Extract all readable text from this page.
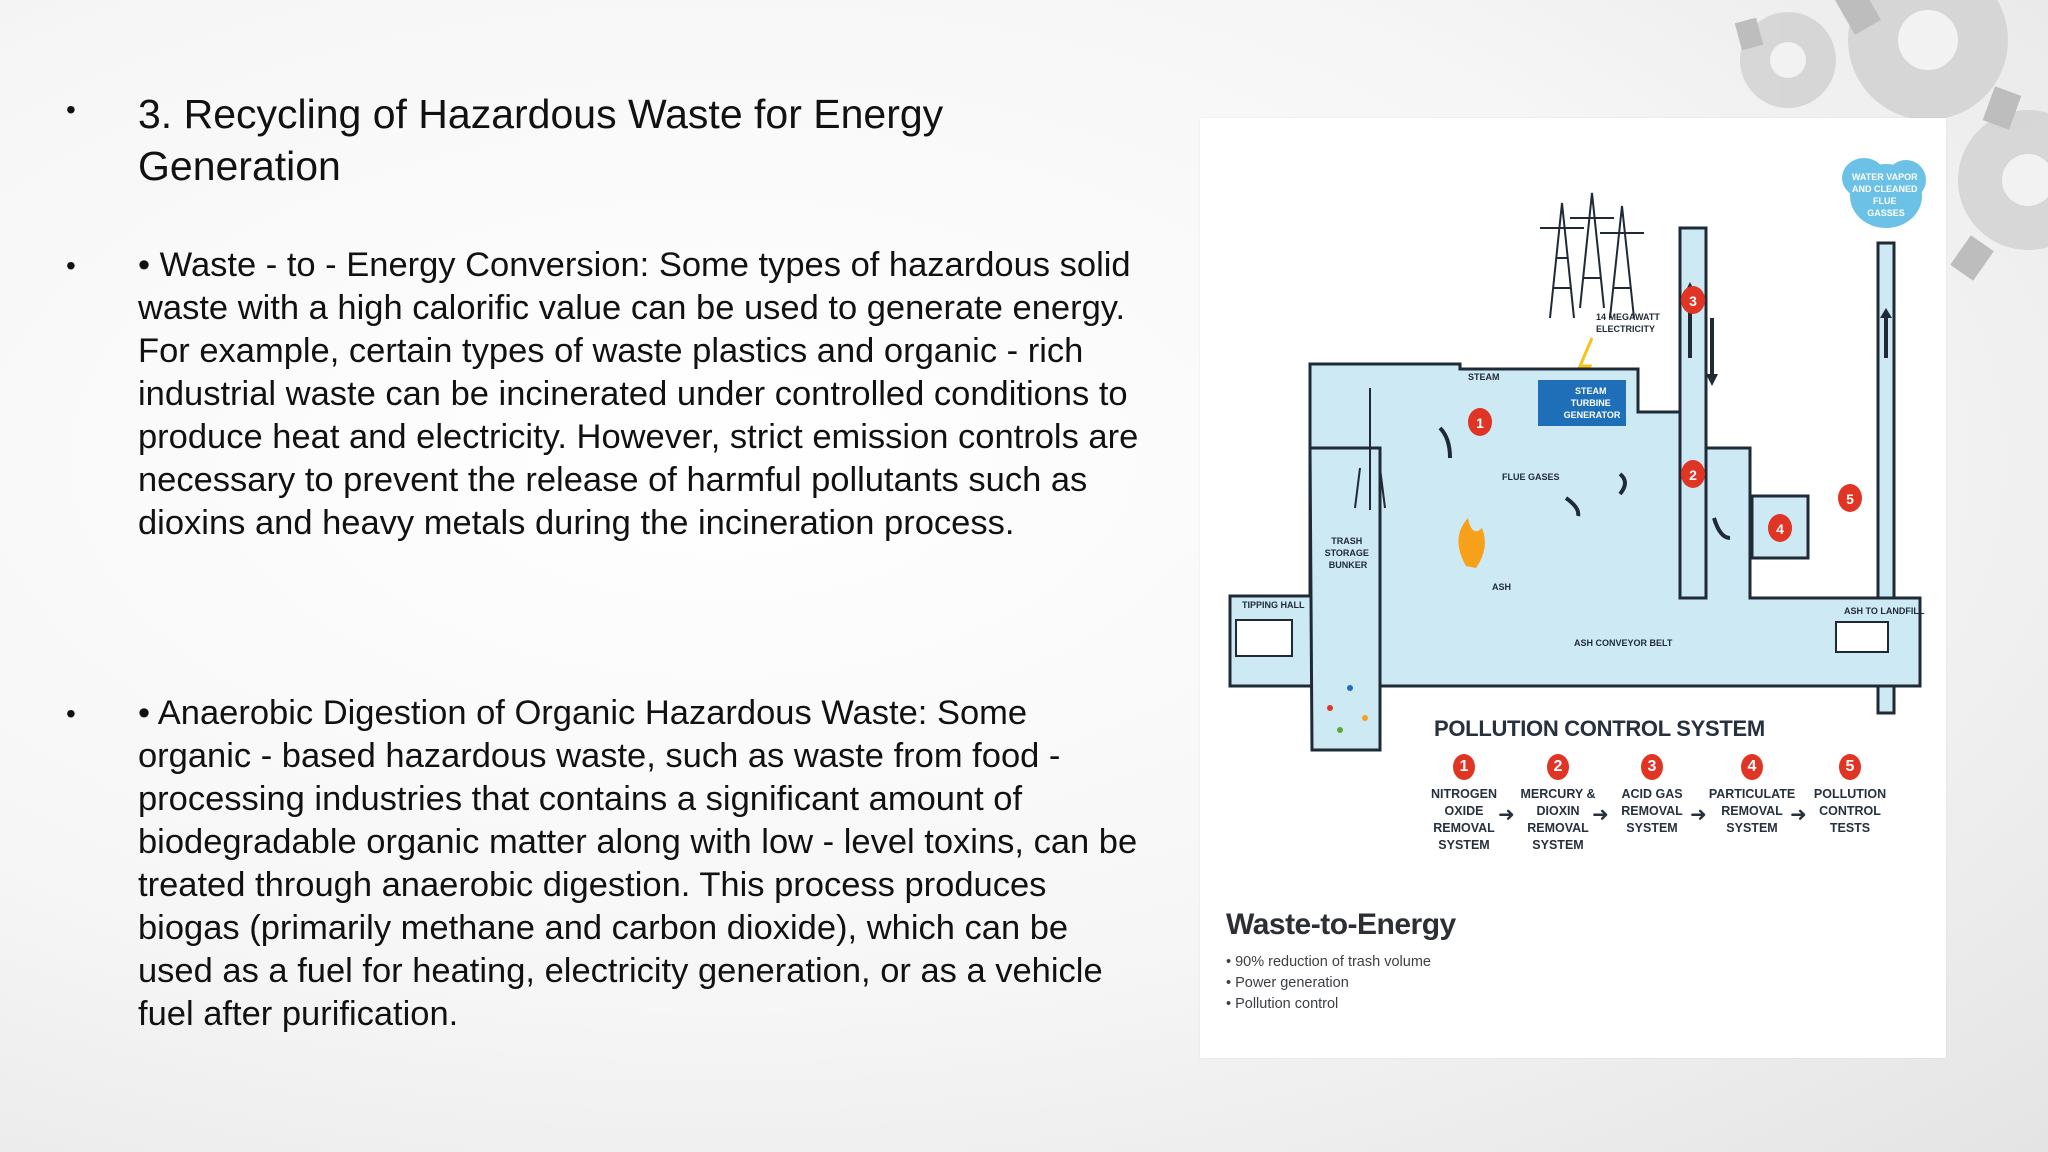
•	3. Recycling of Hazardous Waste for Energy Generation
•	• Waste - to - Energy Conversion: Some types of hazardous solid waste with a high calorific value can be used to generate energy. For example, certain types of waste plastics and organic - rich industrial waste can be incinerated under controlled conditions to produce heat and electricity. However, strict emission controls are necessary to prevent the release of harmful pollutants such as dioxins and heavy metals during the incineration process.
•	• Anaerobic Digestion of Organic Hazardous Waste: Some organic - based hazardous waste, such as waste from food - processing industries that contains a significant amount of biodegradable organic matter along with low - level toxins, can be treated through anaerobic digestion. This process produces biogas (primarily methane and carbon dioxide), which can be used as a fuel for heating, electricity generation, or as a vehicle fuel after purification.
WATER VAPOR AND CLEANED FLUE GASSES
14 MEGAWATT ELECTRICITY
TRASH STORAGE BUNKER
TIPPING HALL
STEAM TURBINE GENERATOR
STEAM
FLUE GASES
ASH
ASH CONVEYOR BELT
ASH TO LANDFILL
1
2
3
4
5
POLLUTION CONTROL SYSTEM
1
NITROGEN OXIDE REMOVAL SYSTEM
➜
2
MERCURY & DIOXIN REMOVAL SYSTEM
➜
3
ACID GAS REMOVAL SYSTEM
➜
4
PARTICULATE REMOVAL SYSTEM
➜
5
POLLUTION CONTROL TESTS
Waste-to-Energy
• 90% reduction of trash volume
• Power generation
• Pollution control
